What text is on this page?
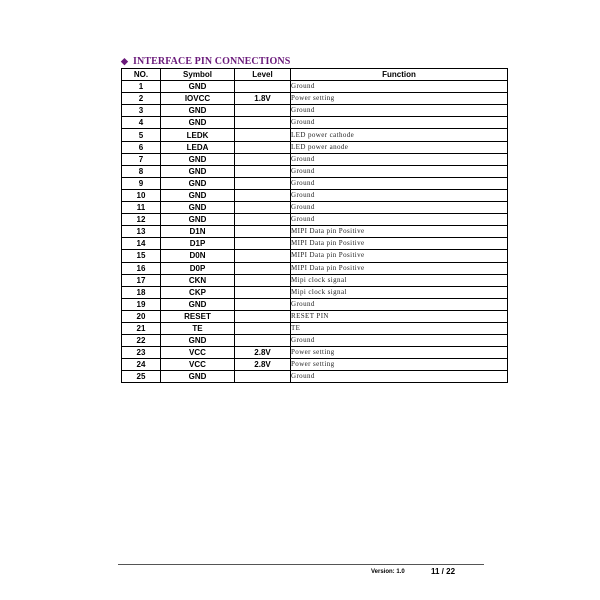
◆ INTERFACE PIN CONNECTIONS
NO.	Symbol	Level	Function
1	GND		Ground
2	IOVCC	1.8V	Power setting
3	GND		Ground
4	GND		Ground
5	LEDK		LED power cathode
6	LEDA		LED power anode
7	GND		Ground
8	GND		Ground
9	GND		Ground
10	GND		Ground
11	GND		Ground
12	GND		Ground
13	D1N		MIPI Data pin Positive
14	D1P		MIPI Data pin Positive
15	D0N		MIPI Data pin Positive
16	D0P		MIPI Data pin Positive
17	CKN		Mipi clock signal
18	CKP		Mipi clock signal
19	GND		Ground
20	RESET		RESET PIN
21	TE		TE
22	GND		Ground
23	VCC	2.8V	Power setting
24	VCC	2.8V	Power setting
25	GND		Ground
Version: 1.0	11 / 22
